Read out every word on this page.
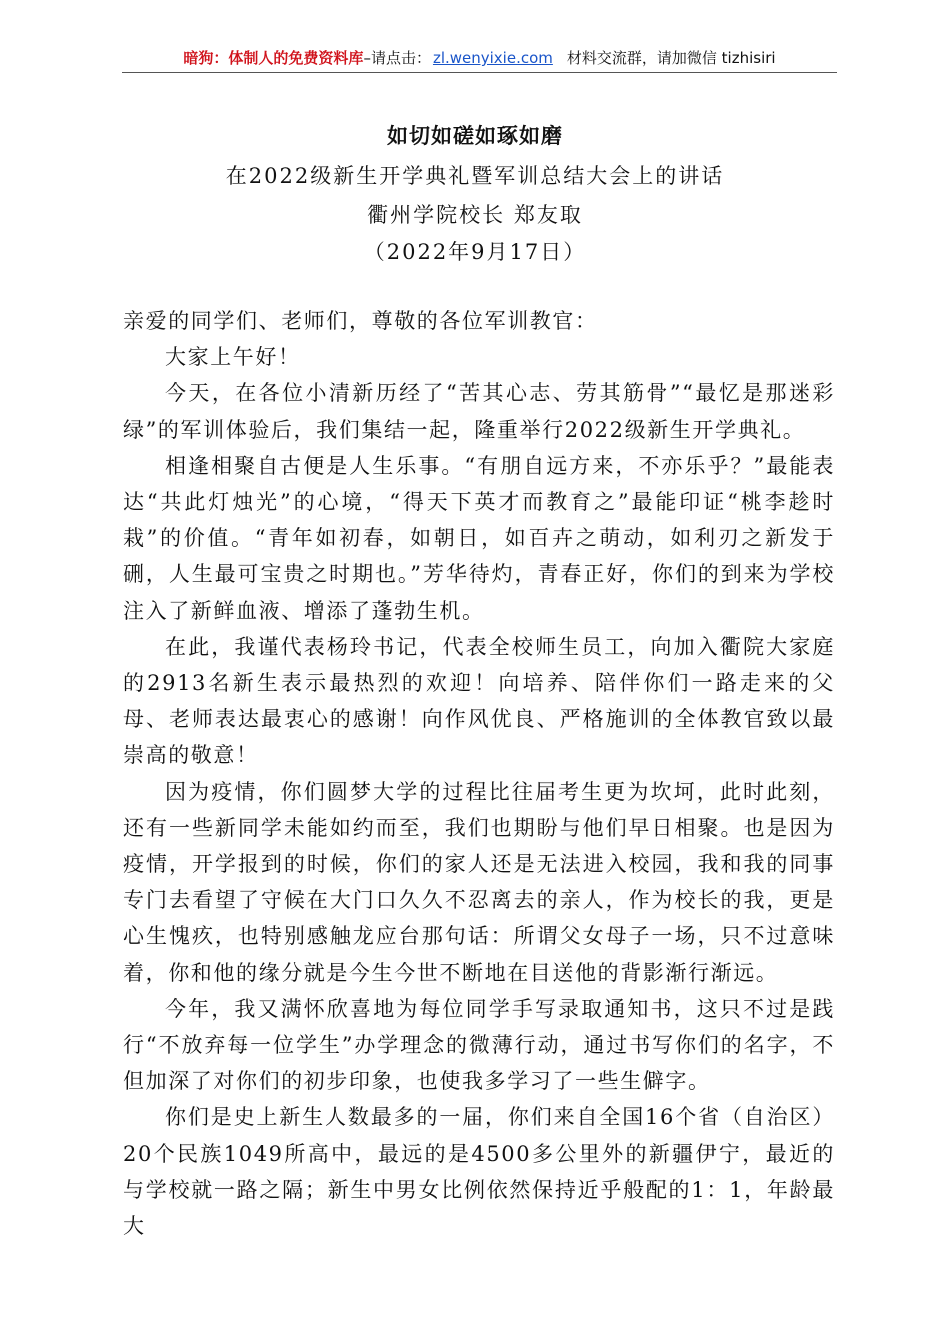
暗狗：体制人的免费资料库–请点击： zl.wenyixie.com 材料交流群，请加微信 tizhisiri
如切如磋如琢如磨
在2022级新生开学典礼暨军训总结大会上的讲话
衢州学院校长 郑友取
（2022年9月17日）

亲爱的同学们、老师们，尊敬的各位军训教官：

大家上午好！

今天，在各位小清新历经了“苦其心志、劳其筋骨”“最忆是那迷彩绿”的军训体验后，我们集结一起，隆重举行2022级新生开学典礼。

相逢相聚自古便是人生乐事。“有朋自远方来，不亦乐乎？”最能表达“共此灯烛光”的心境，“得天下英才而教育之”最能印证“桃李趁时栽”的价值。“青年如初春，如朝日，如百卉之萌动，如利刃之新发于硎，人生最可宝贵之时期也。”芳华待灼，青春正好，你们的到来为学校注入了新鲜血液、增添了蓬勃生机。

在此，我谨代表杨玲书记，代表全校师生员工，向加入衢院大家庭的2913名新生表示最热烈的欢迎！向培养、陪伴你们一路走来的父母、老师表达最衷心的感谢！向作风优良、严格施训的全体教官致以最崇高的敬意！

因为疫情，你们圆梦大学的过程比往届考生更为坎坷，此时此刻，还有一些新同学未能如约而至，我们也期盼与他们早日相聚。也是因为疫情，开学报到的时候，你们的家人还是无法进入校园，我和我的同事专门去看望了守候在大门口久久不忍离去的亲人，作为校长的我，更是心生愧疚，也特别感触龙应台那句话：所谓父女母子一场，只不过意味着，你和他的缘分就是今生今世不断地在目送他的背影渐行渐远。

今年，我又满怀欣喜地为每位同学手写录取通知书，这只不过是践行“不放弃每一位学生”办学理念的微薄行动，通过书写你们的名字，不但加深了对你们的初步印象，也使我多学习了一些生僻字。

你们是史上新生人数最多的一届，你们来自全国16个省（自治区）20个民族1049所高中，最远的是4500多公里外的新疆伊宁，最近的与学校就一路之隔；新生中男女比例依然保持近乎般配的1：1，年龄最大
